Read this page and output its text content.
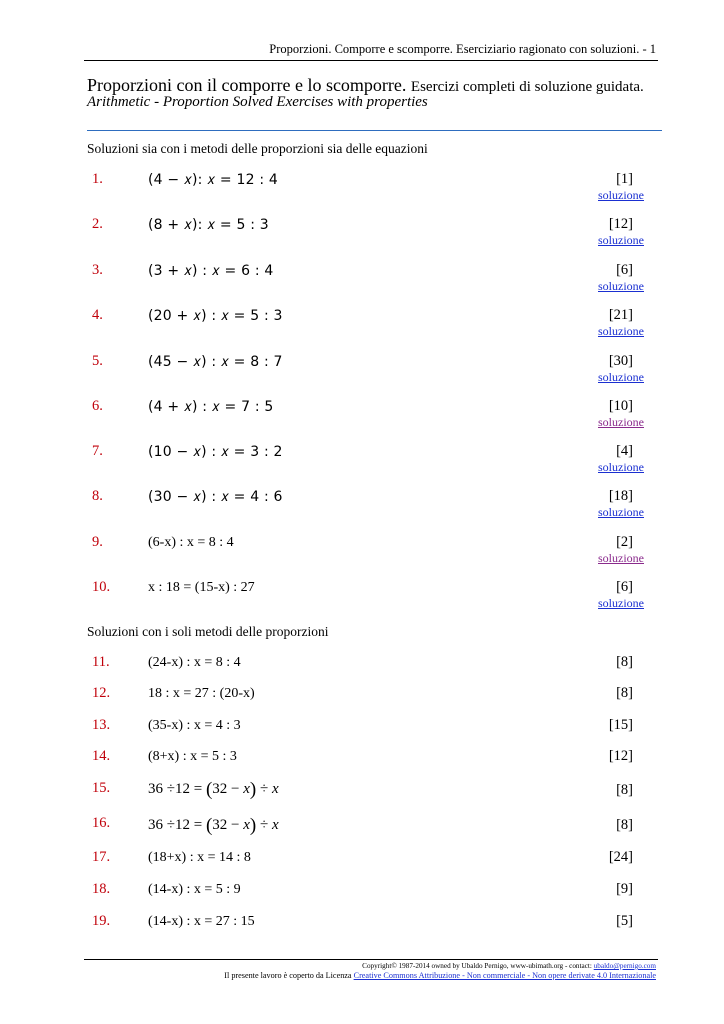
Proporzioni. Comporre e scomporre. Eserciziario ragionato con soluzioni. - 1
Proporzioni con il comporre e lo scomporre. Esercizi completi di soluzione guidata.
Arithmetic - Proportion Solved Exercises with properties
Soluzioni sia con i metodi delle proporzioni sia delle equazioni
1.	(4 − 𝑥): 𝑥 = 12 : 4	[1]
soluzione
2.	(8 + 𝑥): 𝑥 = 5 : 3	[12]
soluzione
3.	(3 + 𝑥) : 𝑥 = 6 : 4	[6]
soluzione
4.	(20 + 𝑥) : 𝑥 = 5 : 3	[21]
soluzione
5.	(45 − 𝑥) : 𝑥 = 8 : 7	[30]
soluzione
6.	(4 + 𝑥) : 𝑥 = 7 : 5	[10]
soluzione
7.	(10 − 𝑥) : 𝑥 = 3 : 2	[4]
soluzione
8.	(30 − 𝑥) : 𝑥 = 4 : 6	[18]
soluzione
9.	(6-x) : x = 8 : 4	[2]
soluzione
10.	x : 18 = (15-x) : 27	[6]
soluzione
Soluzioni con i soli metodi delle proporzioni
11.	(24-x) : x = 8 : 4	[8]
12.	18 : x = 27 : (20-x)	[8]
13.	(35-x) : x = 4 : 3	[15]
14.	(8+x) : x = 5 : 3	[12]
15.	36 ÷12 = (32 − x) ÷ x	[8]
16.	36 ÷12 = (32 − x) ÷ x	[8]
17.	(18+x) : x = 14 : 8	[24]
18.	(14-x) : x = 5 : 9	[9]
19.	(14-x) : x = 27 : 15	[5]
Copyright© 1987-2014 owned by Ubaldo Pernigo, www-ubimath.org - contact: ubaldo@pernigo.com
Il presente lavoro è coperto da Licenza Creative Commons Attribuzione - Non commerciale - Non opere derivate 4.0 Internazionale
